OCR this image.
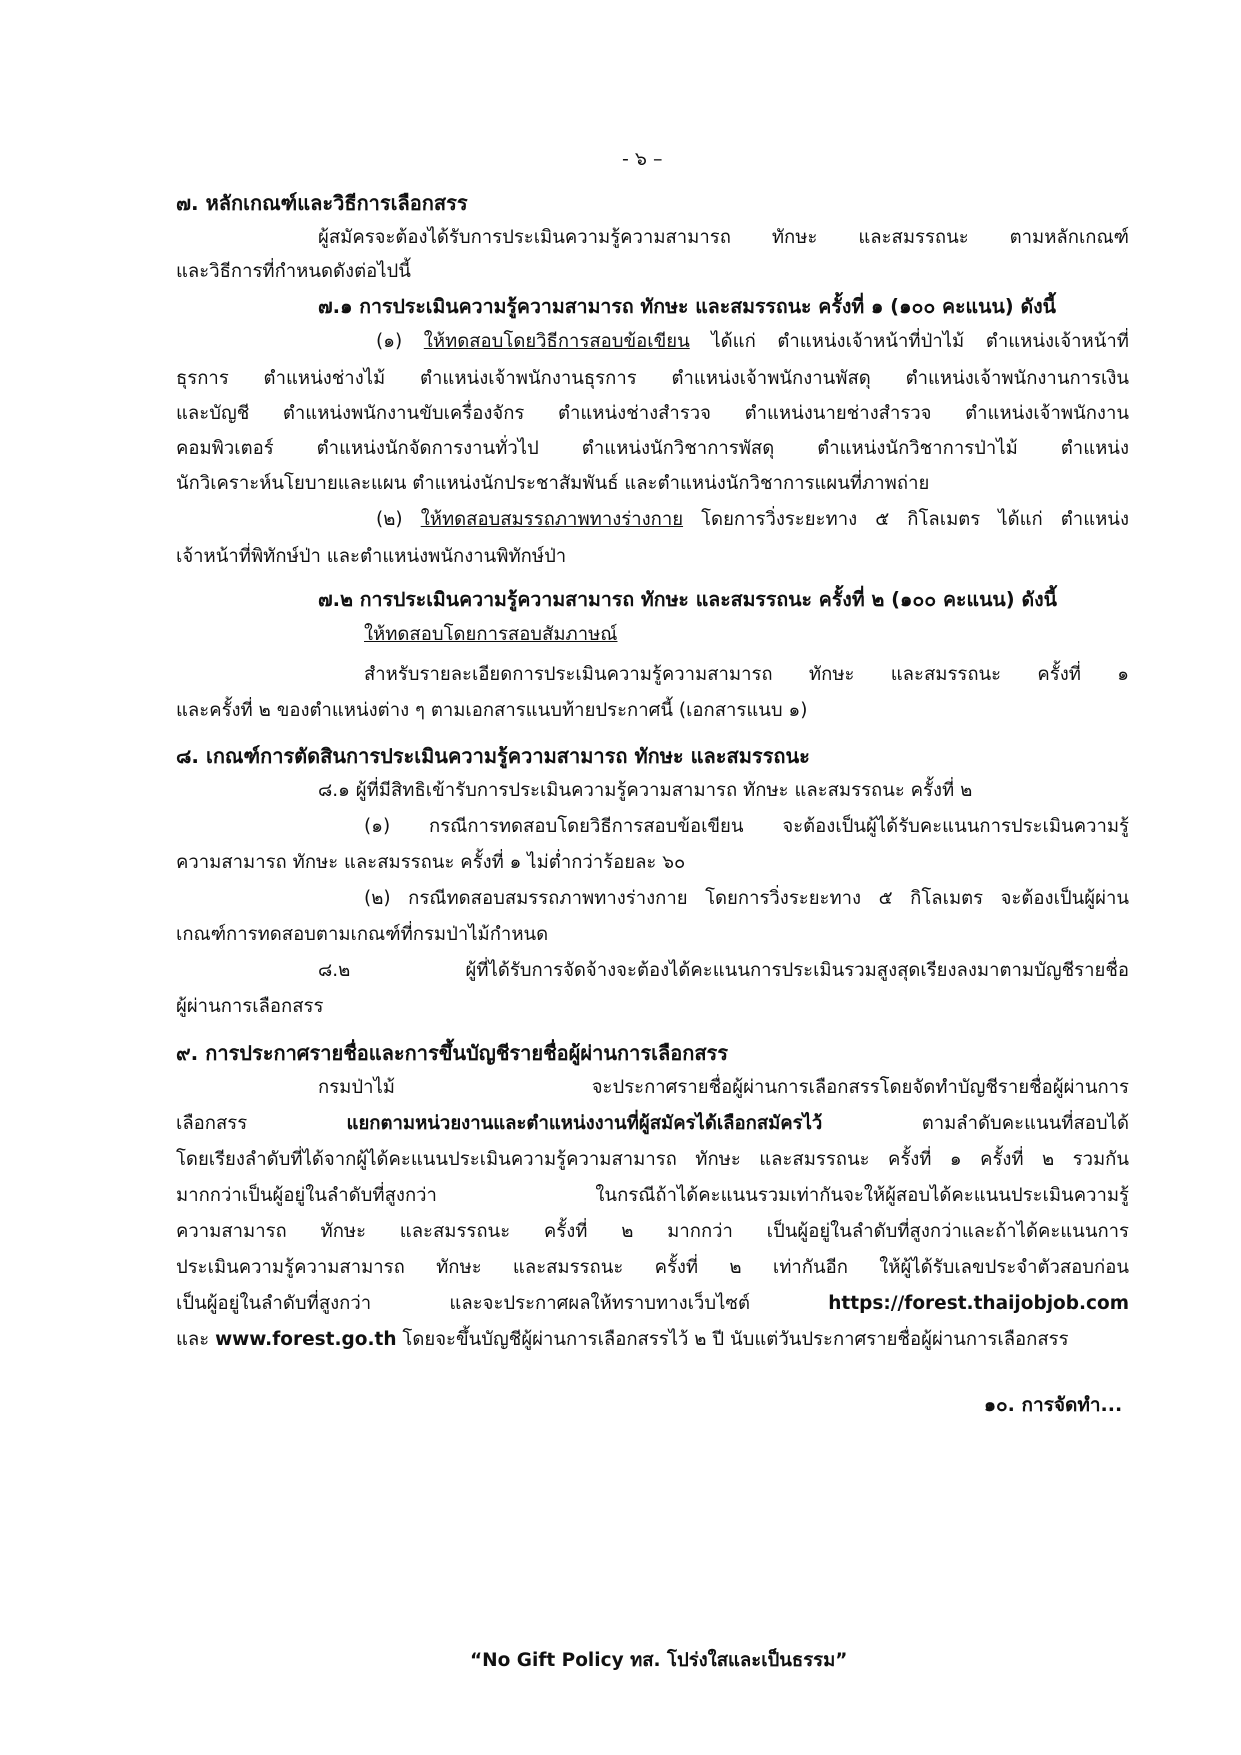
- ๖ –
๗. หลักเกณฑ์และวิธีการเลือกสรร
ผู้สมัครจะต้องได้รับการประเมินความรู้ความสามารถ ทักษะ และสมรรถนะ ตามหลักเกณฑ์
และวิธีการที่กำหนดดังต่อไปนี้
๗.๑ การประเมินความรู้ความสามารถ ทักษะ และสมรรถนะ ครั้งที่ ๑ (๑๐๐ คะแนน) ดังนี้
(๑) ให้ทดสอบโดยวิธีการสอบข้อเขียน ได้แก่ ตำแหน่งเจ้าหน้าที่ป่าไม้ ตำแหน่งเจ้าหน้าที่
ธุรการ ตำแหน่งช่างไม้ ตำแหน่งเจ้าพนักงานธุรการ ตำแหน่งเจ้าพนักงานพัสดุ ตำแหน่งเจ้าพนักงานการเงิน
และบัญชี ตำแหน่งพนักงานขับเครื่องจักร ตำแหน่งช่างสำรวจ ตำแหน่งนายช่างสำรวจ ตำแหน่งเจ้าพนักงาน
คอมพิวเตอร์ ตำแหน่งนักจัดการงานทั่วไป ตำแหน่งนักวิชาการพัสดุ ตำแหน่งนักวิชาการป่าไม้ ตำแหน่ง
นักวิเคราะห์นโยบายและแผน ตำแหน่งนักประชาสัมพันธ์ และตำแหน่งนักวิชาการแผนที่ภาพถ่าย
(๒) ให้ทดสอบสมรรถภาพทางร่างกาย โดยการวิ่งระยะทาง ๕ กิโลเมตร ได้แก่ ตำแหน่ง
เจ้าหน้าที่พิทักษ์ป่า และตำแหน่งพนักงานพิทักษ์ป่า
๗.๒ การประเมินความรู้ความสามารถ ทักษะ และสมรรถนะ ครั้งที่ ๒ (๑๐๐ คะแนน) ดังนี้
ให้ทดสอบโดยการสอบสัมภาษณ์
สำหรับรายละเอียดการประเมินความรู้ความสามารถ ทักษะ และสมรรถนะ ครั้งที่ ๑
และครั้งที่ ๒ ของตำแหน่งต่าง ๆ ตามเอกสารแนบท้ายประกาศนี้ (เอกสารแนบ ๑)
๘. เกณฑ์การตัดสินการประเมินความรู้ความสามารถ ทักษะ และสมรรถนะ
๘.๑ ผู้ที่มีสิทธิเข้ารับการประเมินความรู้ความสามารถ ทักษะ และสมรรถนะ ครั้งที่ ๒
(๑) กรณีการทดสอบโดยวิธีการสอบข้อเขียน จะต้องเป็นผู้ได้รับคะแนนการประเมินความรู้
ความสามารถ ทักษะ และสมรรถนะ ครั้งที่ ๑ ไม่ต่ำกว่าร้อยละ ๖๐
(๒) กรณีทดสอบสมรรถภาพทางร่างกาย โดยการวิ่งระยะทาง ๕ กิโลเมตร จะต้องเป็นผู้ผ่าน
เกณฑ์การทดสอบตามเกณฑ์ที่กรมป่าไม้กำหนด
๘.๒ ผู้ที่ได้รับการจัดจ้างจะต้องได้คะแนนการประเมินรวมสูงสุดเรียงลงมาตามบัญชีรายชื่อ
ผู้ผ่านการเลือกสรร
๙. การประกาศรายชื่อและการขึ้นบัญชีรายชื่อผู้ผ่านการเลือกสรร
กรมป่าไม้ จะประกาศรายชื่อผู้ผ่านการเลือกสรรโดยจัดทำบัญชีรายชื่อผู้ผ่านการ
เลือกสรร	แยกตามหน่วยงานและตำแหน่งงานที่ผู้สมัครได้เลือกสมัครไว้	ตามลำดับคะแนนที่สอบได้
โดยเรียงลำดับที่ได้จากผู้ได้คะแนนประเมินความรู้ความสามารถ ทักษะ และสมรรถนะ ครั้งที่ ๑ ครั้งที่ ๒ รวมกัน
มากกว่าเป็นผู้อยู่ในลำดับที่สูงกว่า ในกรณีถ้าได้คะแนนรวมเท่ากันจะให้ผู้สอบได้คะแนนประเมินความรู้
ความสามารถ ทักษะ และสมรรถนะ ครั้งที่ ๒ มากกว่า เป็นผู้อยู่ในลำดับที่สูงกว่าและถ้าได้คะแนนการ
ประเมินความรู้ความสามารถ ทักษะ และสมรรถนะ ครั้งที่ ๒ เท่ากันอีก ให้ผู้ได้รับเลขประจำตัวสอบก่อน
เป็นผู้อยู่ในลำดับที่สูงกว่า และจะประกาศผลให้ทราบทางเว็บไซต์	https://forest.thaijobjob.com
และ www.forest.go.th โดยจะขึ้นบัญชีผู้ผ่านการเลือกสรรไว้ ๒ ปี นับแต่วันประกาศรายชื่อผู้ผ่านการเลือกสรร
๑๐. การจัดทำ...
“No Gift Policy ทส. โปร่งใสและเป็นธรรม”
